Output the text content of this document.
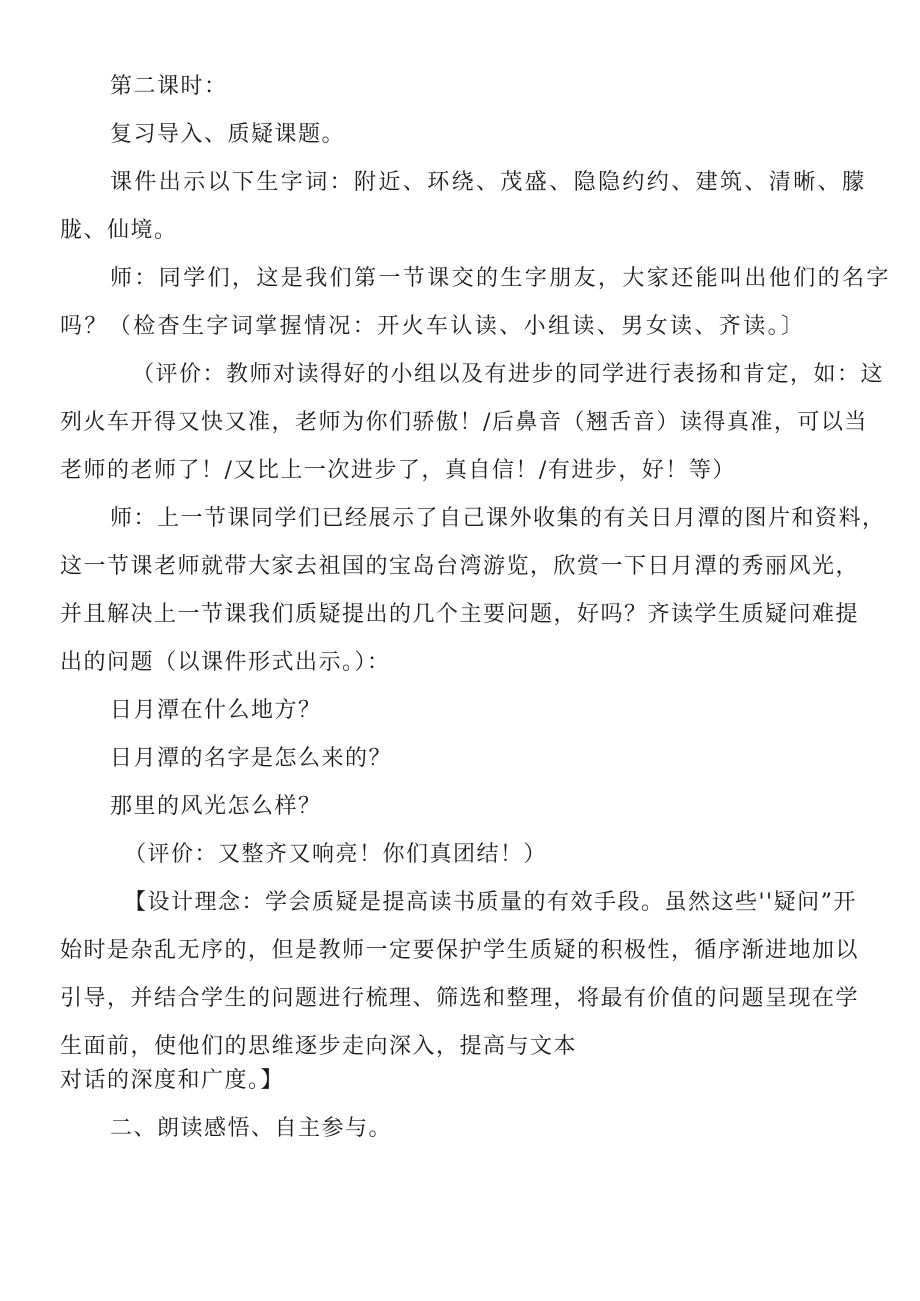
第二课时：
复习导入、质疑课题。
课件出示以下生字词：附近、环绕、茂盛、隐隐约约、建筑、清晰、朦
胧、仙境。
师：同学们，这是我们第一节课交的生字朋友，大家还能叫出他们的名字
吗？（检杳生字词掌握情况：开火车认读、小组读、男女读、齐读。〕
（评价：教师对读得好的小组以及有进步的同学进行表扬和肯定，如：这
列火车开得又快又准，老师为你们骄傲！/后鼻音（翘舌音）读得真准，可以当
老师的老师了！/又比上一次进步了，真自信！/有进步，好！等）
师：上一节课同学们已经展示了自己课外收集的有关日月潭的图片和资料，
这一节课老师就带大家去祖国的宝岛台湾游览，欣赏一下日月潭的秀丽风光，
并且解决上一节课我们质疑提出的几个主要问题，好吗？齐读学生质疑问难提
出的问题（以课件形式出示。）：
日月潭在什么地方？
日月潭的名字是怎么来的？
那里的风光怎么样？
（评价：又整齐又响亮！你们真团结！）
【设计理念：学会质疑是提高读书质量的有效手段。虽然这些''疑问”开
始时是杂乱无序的，但是教师一定要保护学生质疑的积极性，循序渐进地加以
引导，并结合学生的问题进行梳理、筛选和整理，将最有价值的问题呈现在学
生面前，使他们的思维逐步走向深入，提高与文本
对话的深度和广度。】
二、朗读感悟、自主参与。
